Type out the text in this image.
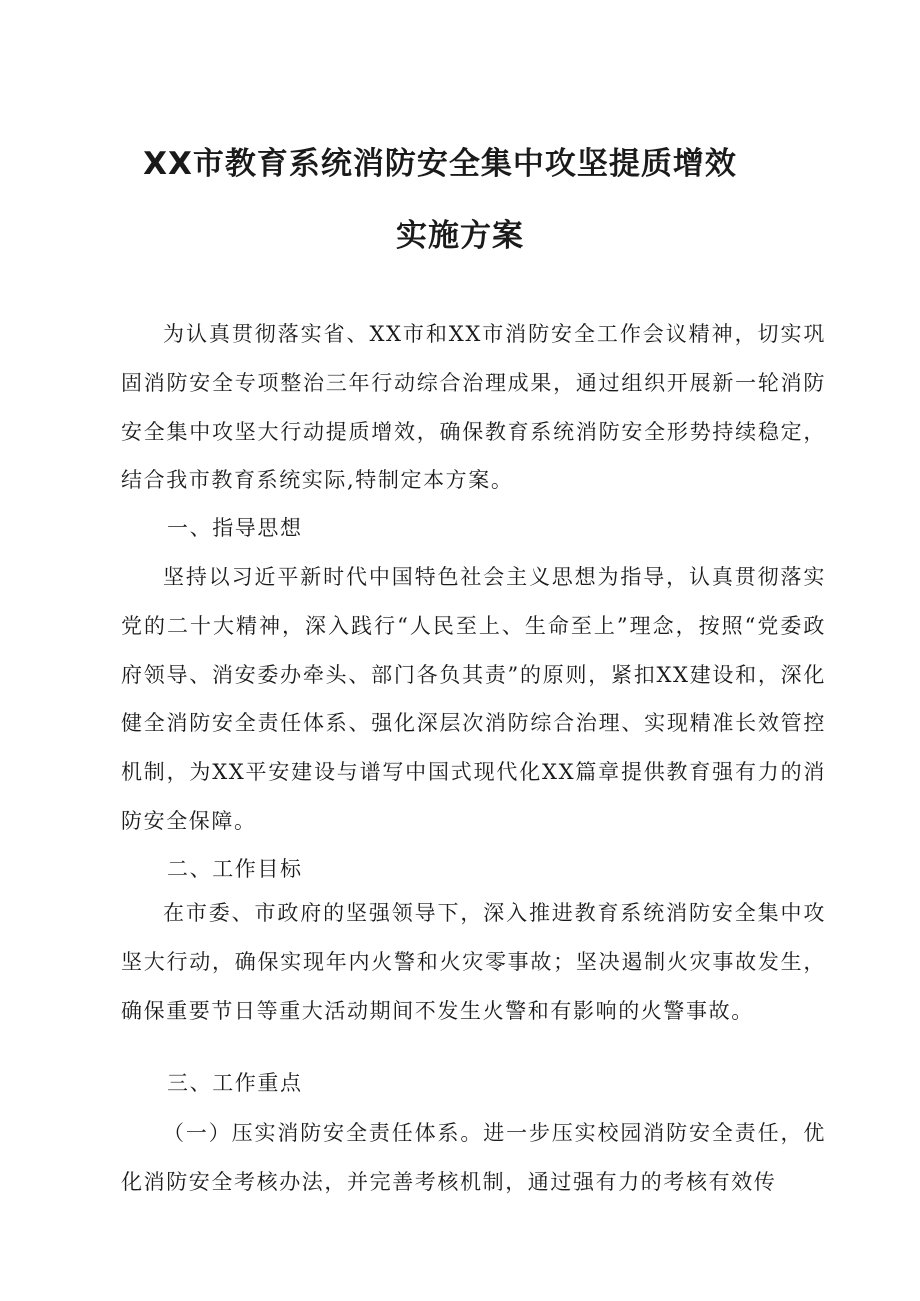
XX市教育系统消防安全集中攻坚提质增效
实施方案

为认真贯彻落实省、XX市和XX市消防安全工作会议精神，切实巩固消防安全专项整治三年行动综合治理成果，通过组织开展新一轮消防安全集中攻坚大行动提质增效，确保教育系统消防安全形势持续稳定，结合我市教育系统实际,特制定本方案。

一、指导思想

坚持以习近平新时代中国特色社会主义思想为指导，认真贯彻落实党的二十大精神，深入践行“人民至上、生命至上”理念，按照“党委政府领导、消安委办牵头、部门各负其责”的原则，紧扣XX建设和，深化健全消防安全责任体系、强化深层次消防综合治理、实现精准长效管控机制，为XX平安建设与谱写中国式现代化XX篇章提供教育强有力的消防安全保障。

二、工作目标

在市委、市政府的坚强领导下，深入推进教育系统消防安全集中攻坚大行动，确保实现年内火警和火灾零事故；坚决遏制火灾事故发生，确保重要节日等重大活动期间不发生火警和有影响的火警事故。

三、工作重点

（一）压实消防安全责任体系。进一步压实校园消防安全责任，优化消防安全考核办法，并完善考核机制，通过强有力的考核有效传
